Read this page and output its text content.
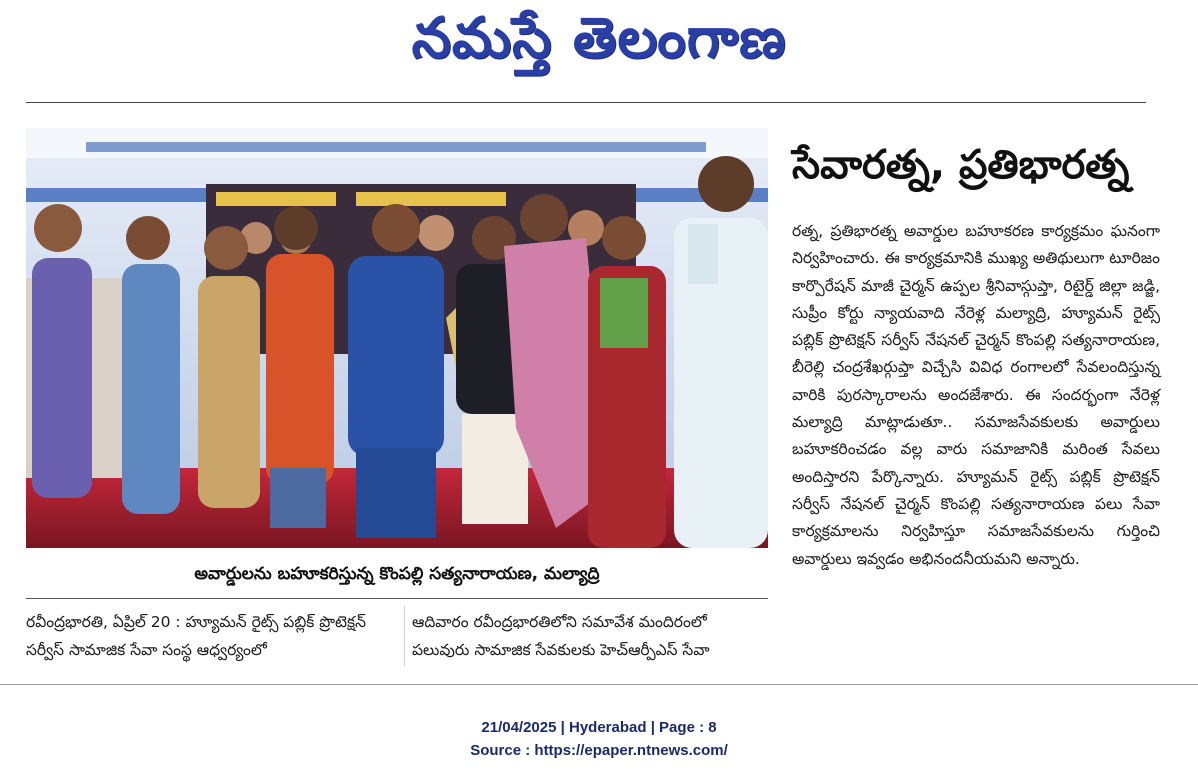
నమస్తే తెలంగాణ
అవార్డులను బహూకరిస్తున్న కొంపల్లి సత్యనారాయణ, మల్యాద్రి
రవీంద్రభారతి, ఏప్రిల్ 20 : హ్యూమన్ రైట్స్ పబ్లిక్ ప్రొటెక్షన్ సర్వీస్ సామాజిక సేవా సంస్థ ఆధ్వర్యంలో
ఆదివారం రవీంద్రభారతిలోని సమావేశ మందిరంలో పలువురు సామాజిక సేవకులకు హెచ్ఆర్పీఎస్ సేవా
సేవారత్న, ప్రతిభారత్న

రత్న, ప్రతిభారత్న అవార్డుల బహూకరణ కార్యక్రమం ఘనంగా నిర్వహించారు. ఈ కార్యక్రమానికి ముఖ్య అతిథులుగా టూరిజం కార్పొరేషన్ మాజీ చైర్మన్ ఉప్పల శ్రీనివాస్గుప్తా, రిటైర్డ్ జిల్లా జడ్జి, సుప్రీం కోర్టు న్యాయవాది నేరెళ్ల మల్యాద్రి, హ్యూమన్ రైట్స్ పబ్లిక్ ప్రొటెక్షన్ సర్వీస్ నేషనల్ చైర్మన్ కొంపల్లి సత్యనారాయణ, బీరెల్లి చంద్రశేఖర్గుప్తా విచ్చేసి వివిధ రంగాలలో సేవలందిస్తున్న వారికి పురస్కారాలను అందజేశారు. ఈ సందర్భంగా నేరెళ్ల మల్యాద్రి మాట్లాడుతూ.. సమాజసేవకులకు అవార్డులు బహూకరించడం వల్ల వారు సమాజానికి మరింత సేవలు అందిస్తారని పేర్కొన్నారు. హ్యూమన్ రైట్స్ పబ్లిక్ ప్రొటెక్షన్ సర్వీస్ నేషనల్ చైర్మన్ కొంపల్లి సత్యనారాయణ పలు సేవా కార్యక్రమాలను నిర్వహిస్తూ సమాజసేవకులను గుర్తించి అవార్డులు ఇవ్వడం అభినందనీయమని అన్నారు.

21/04/2025 | Hyderabad | Page : 8
Source : https://epaper.ntnews.com/
